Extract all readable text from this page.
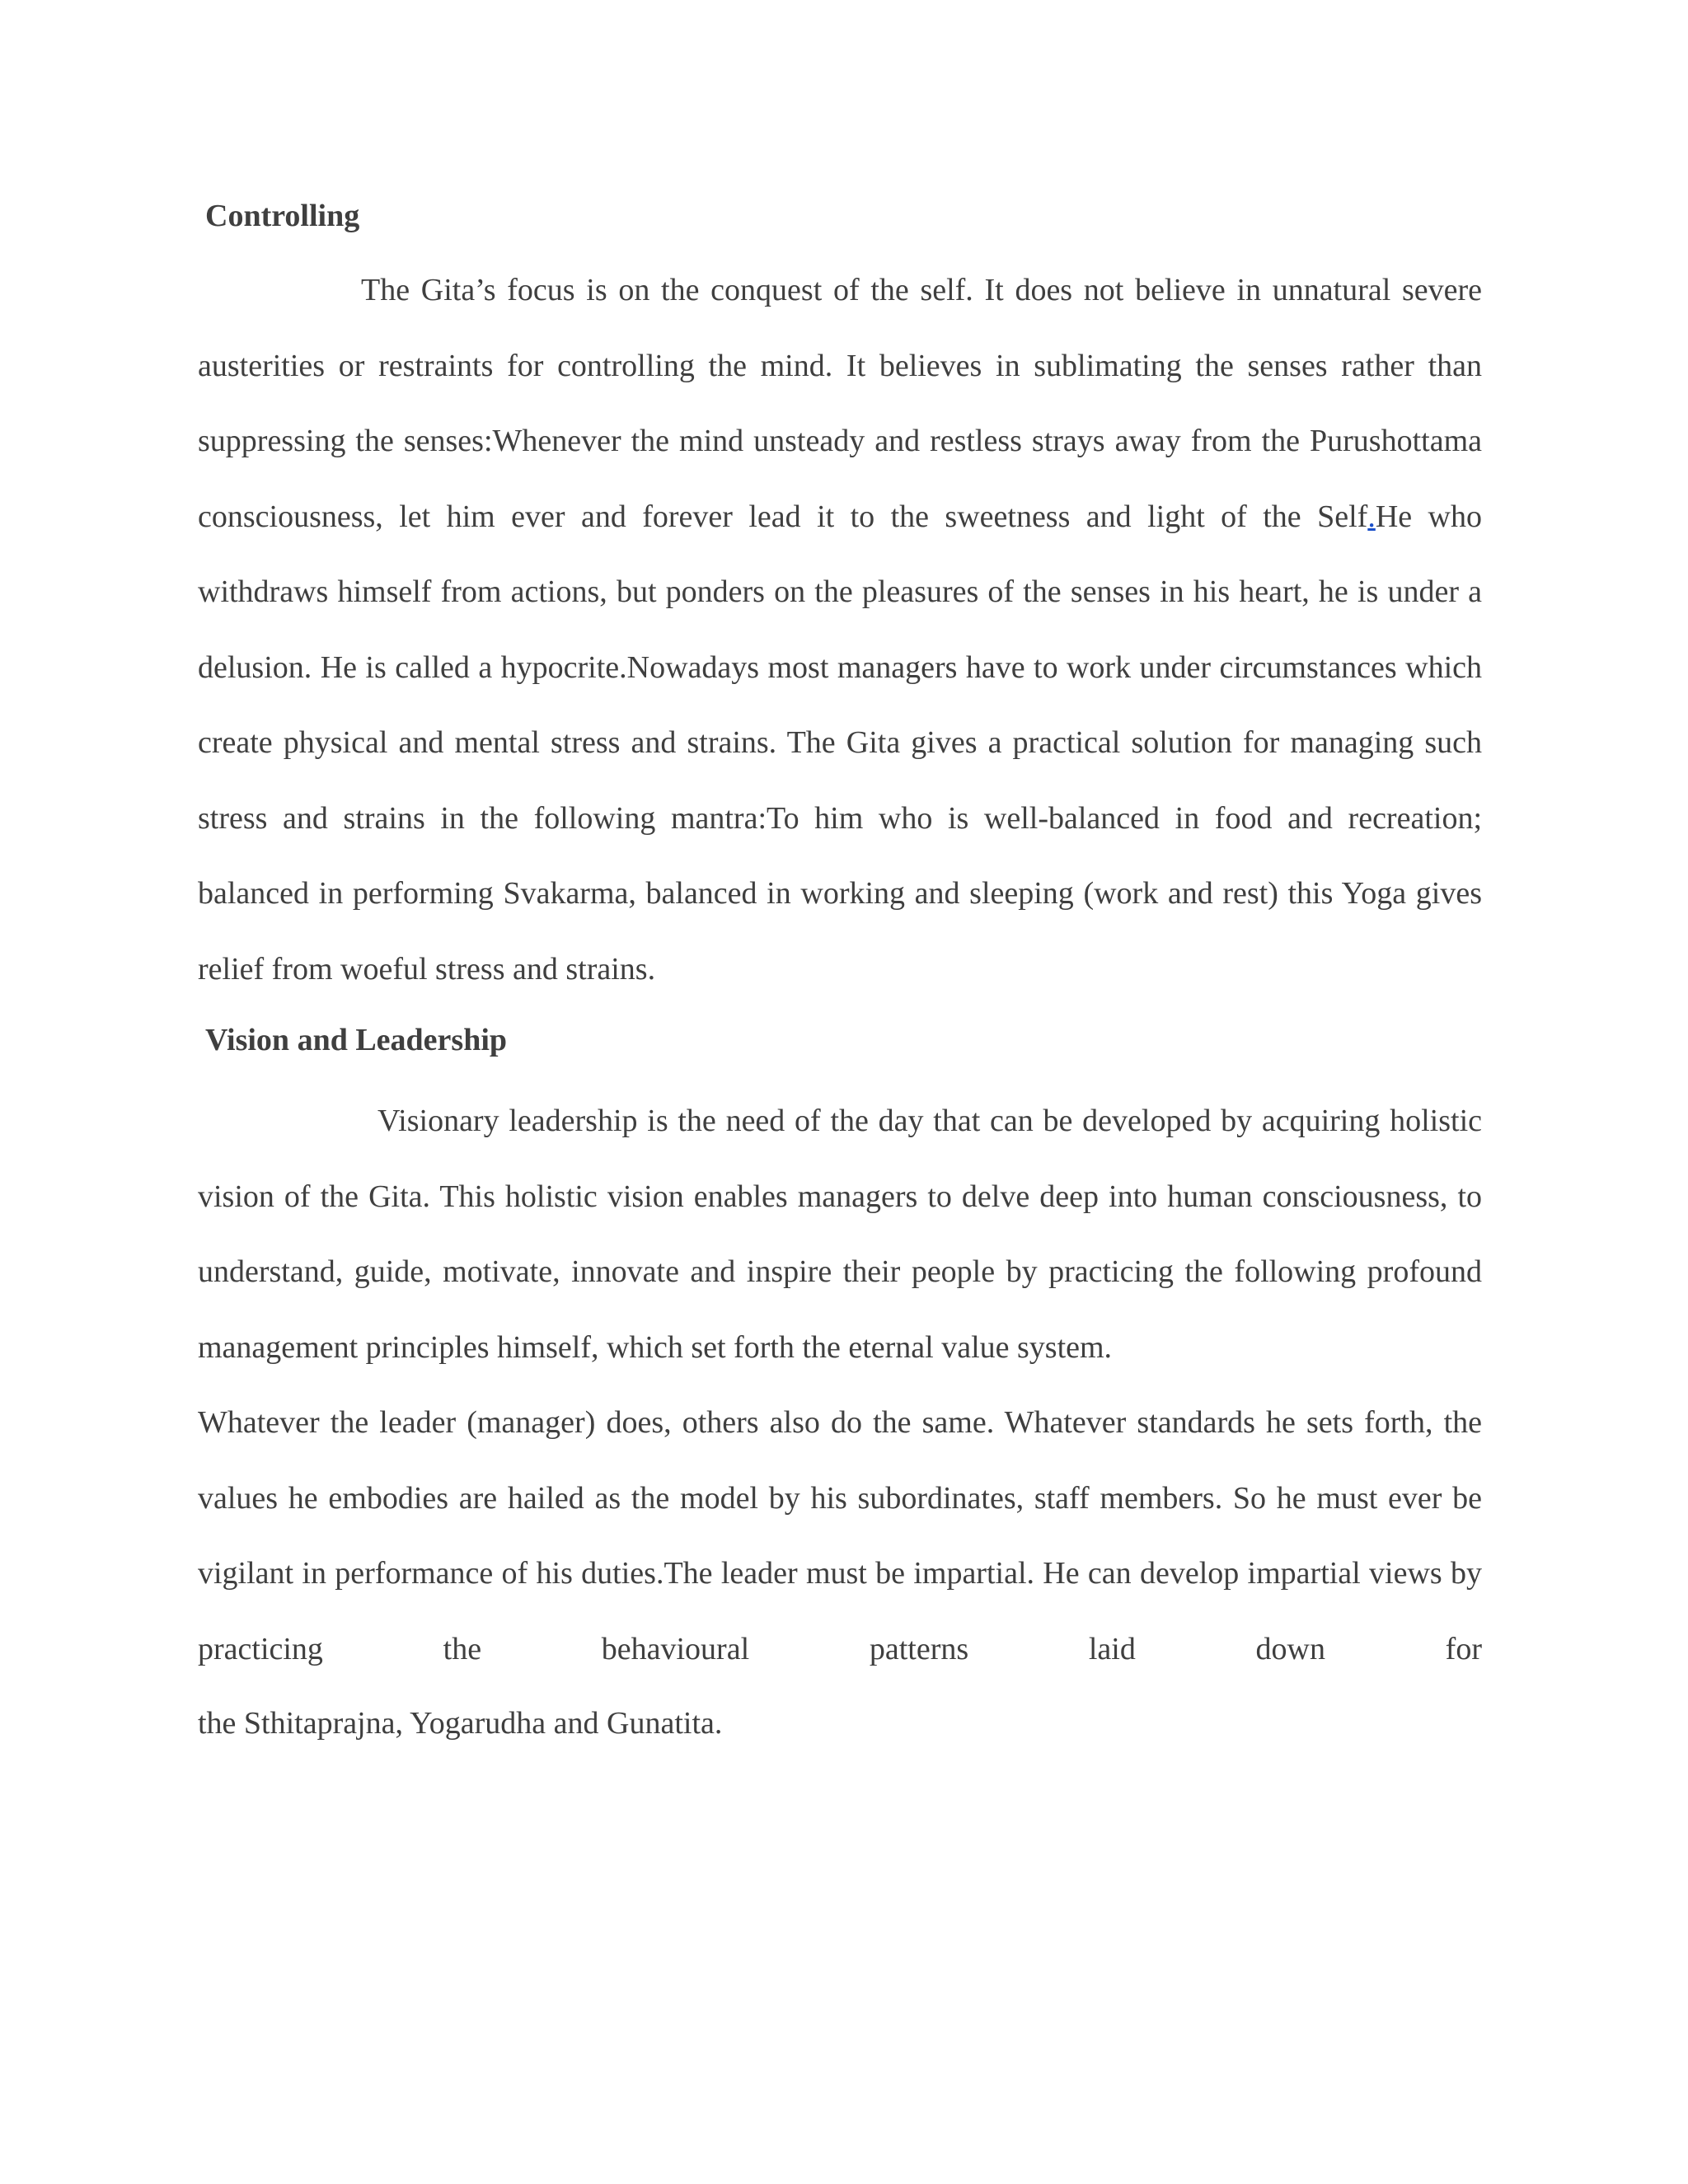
Controlling

The Gita’s focus is on the conquest of the self. It does not believe in unnatural severe austerities or restraints for controlling the mind. It believes in sublimating the senses rather than suppressing the senses:Whenever the mind unsteady and restless strays away from the Purushottama consciousness, let him ever and forever lead it to the sweetness and light of the Self.He who withdraws himself from actions, but ponders on the pleasures of the senses in his heart, he is under a delusion. He is called a hypocrite.Nowadays most managers have to work under circumstances which create physical and mental stress and strains. The Gita gives a practical solution for managing such stress and strains in the following mantra:To him who is well-balanced in food and recreation; balanced in performing Svakarma, balanced in working and sleeping (work and rest) this Yoga gives relief from woeful stress and strains.

Vision and Leadership

Visionary leadership is the need of the day that can be developed by acquiring holistic vision of the Gita. This holistic vision enables managers to delve deep into human consciousness, to understand, guide, motivate, innovate and inspire their people by practicing the following profound management principles himself, which set forth the eternal value system.

Whatever the leader (manager) does, others also do the same. Whatever standards he sets forth, the values he embodies are hailed as the model by his subordinates, staff members. So he must ever be vigilant in performance of his duties.The leader must be impartial. He can develop impartial views by practicing the behavioural patterns laid down for

the Sthitaprajna, Yogarudha and Gunatita.
